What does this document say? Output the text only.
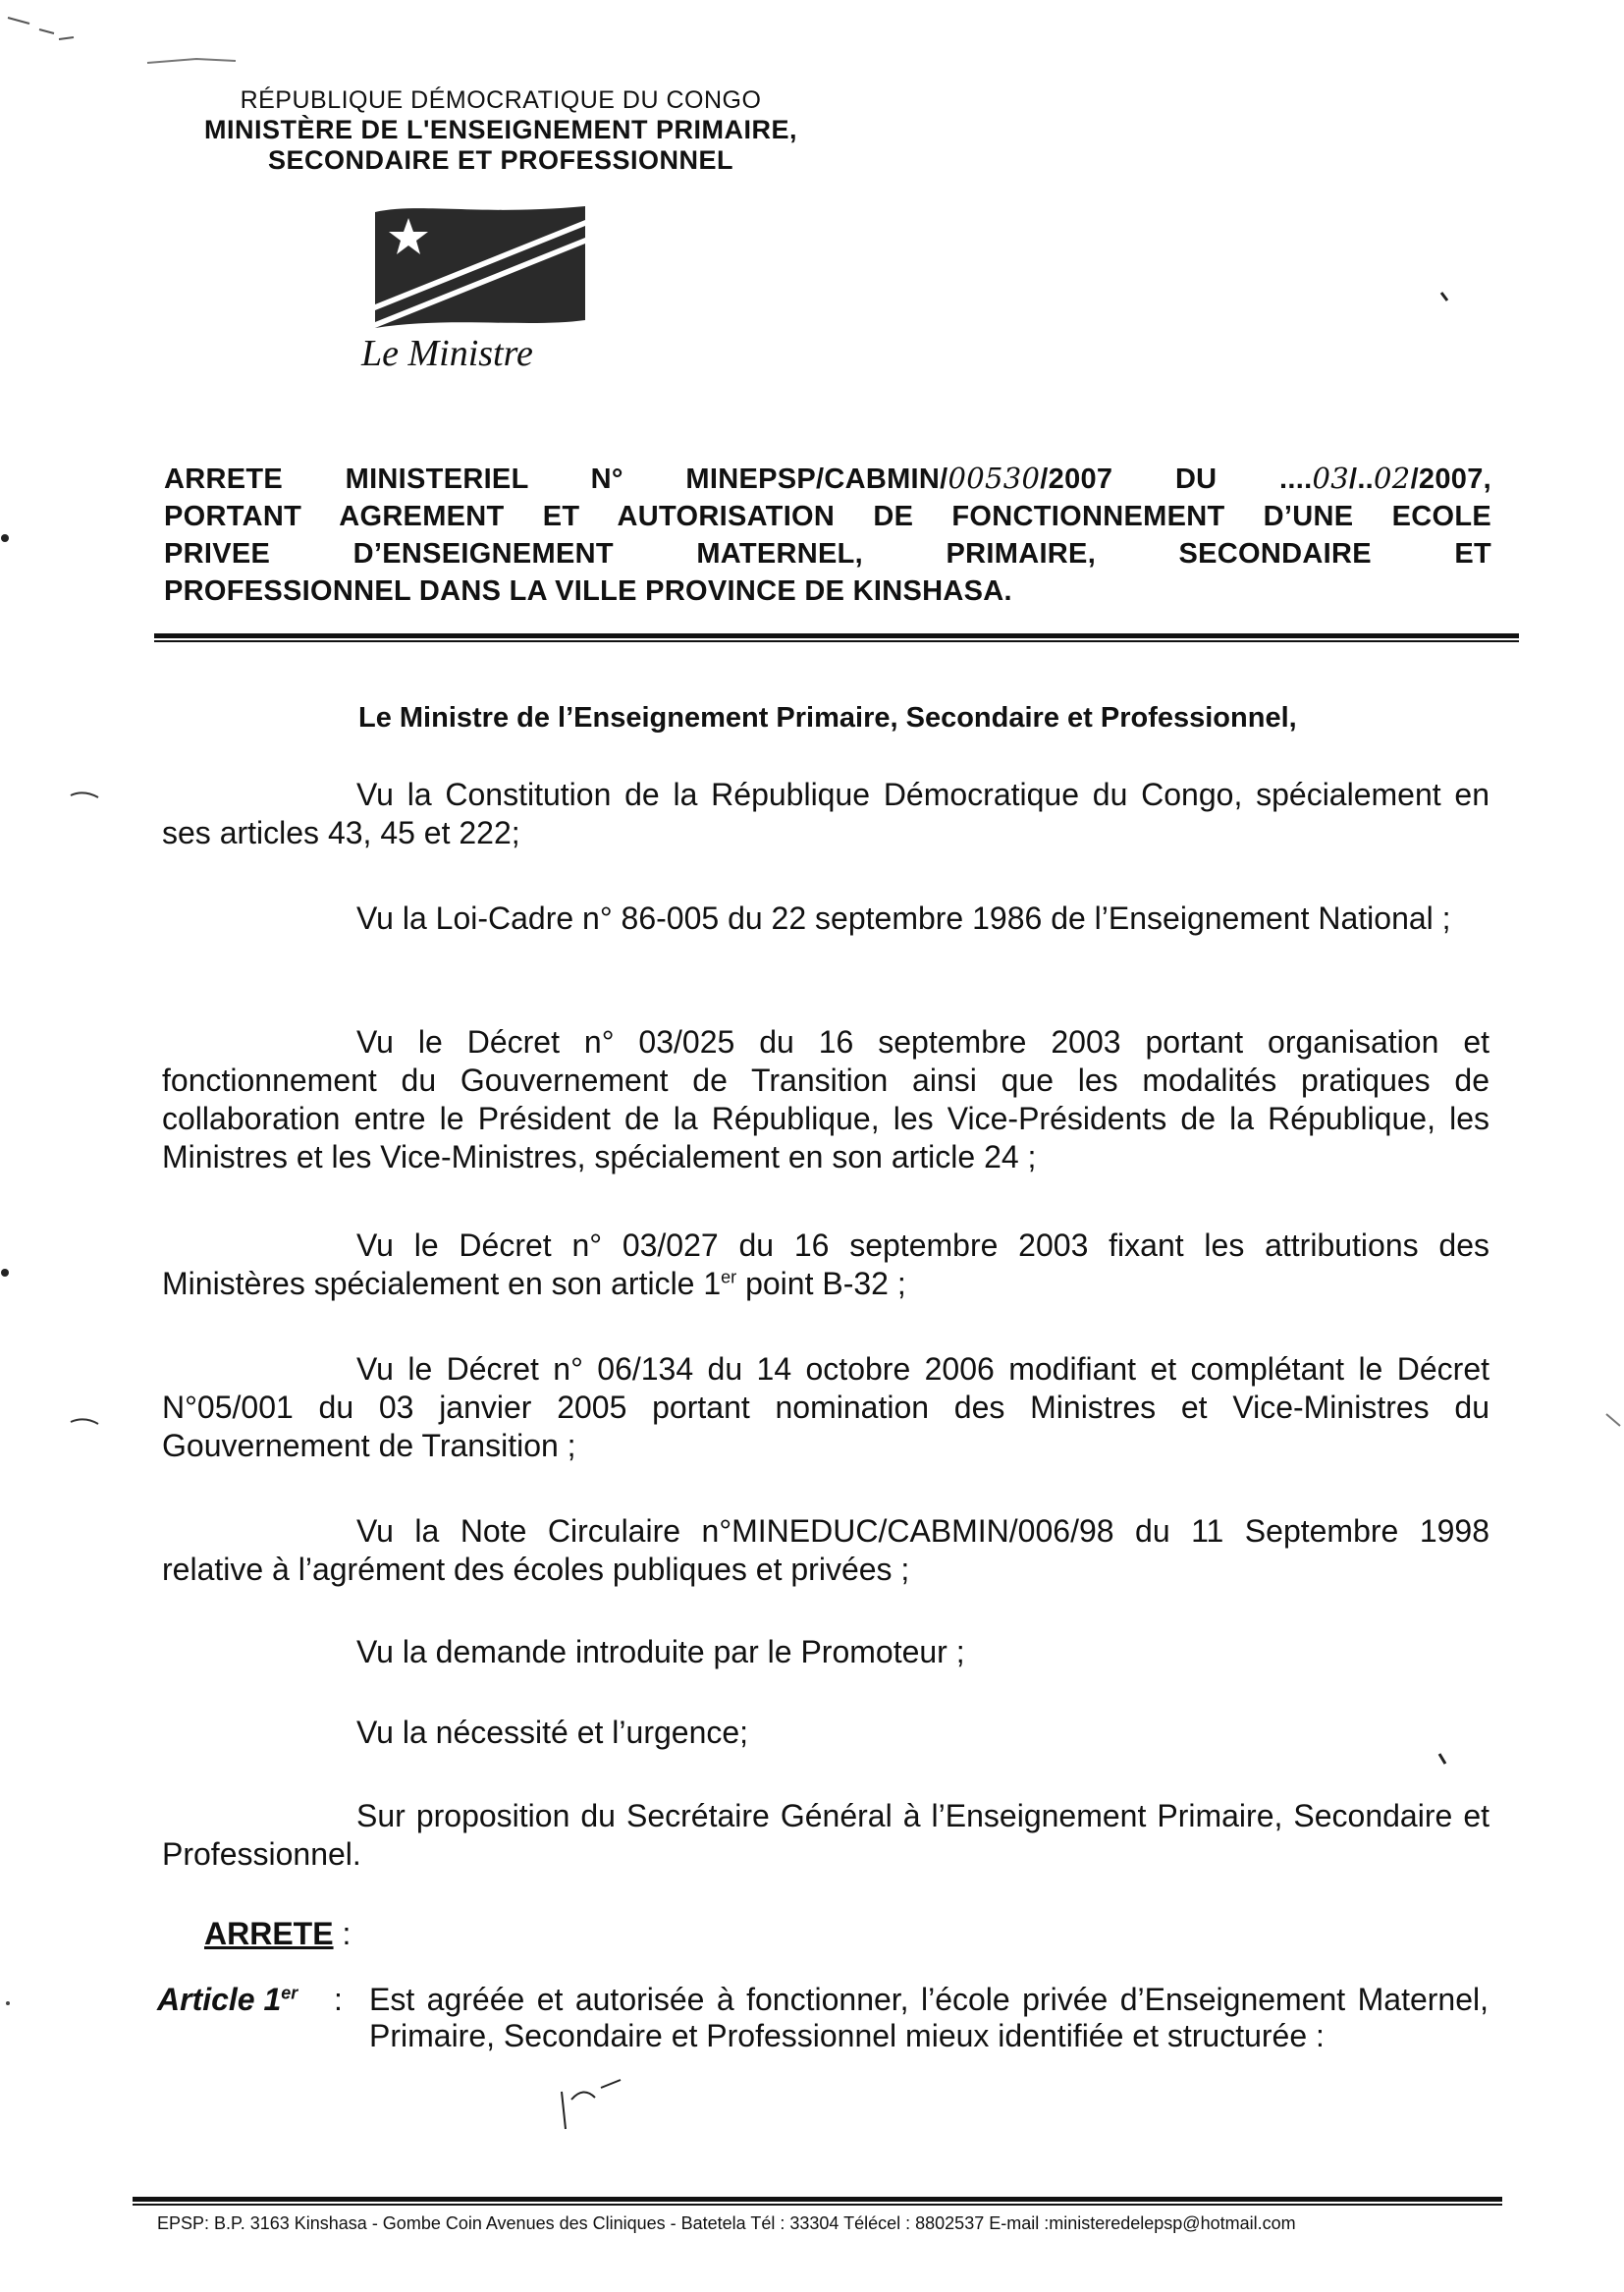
RÉPUBLIQUE DÉMOCRATIQUE DU CONGO
MINISTÈRE DE L'ENSEIGNEMENT PRIMAIRE,
SECONDAIRE ET PROFESSIONNEL
Le Ministre
ARRETE MINISTERIEL N° MINEPSP/CABMIN/00530/2007 DU ....03/..02/2007,
PORTANT AGREMENT ET AUTORISATION DE FONCTIONNEMENT D’UNE ECOLE
PRIVEE D’ENSEIGNEMENT MATERNEL, PRIMAIRE, SECONDAIRE ET
PROFESSIONNEL DANS LA VILLE PROVINCE DE KINSHASA.

Le Ministre de l’Enseignement Primaire, Secondaire et Professionnel,

Vu la Constitution de la République Démocratique du Congo, spécialement en ses articles 43, 45 et 222;

Vu la Loi-Cadre n° 86-005 du 22 septembre 1986 de l’Enseignement National ;

Vu le Décret n° 03/025 du 16 septembre 2003 portant organisation et fonctionnement du Gouvernement de Transition ainsi que les modalités pratiques de collaboration entre le Président de la République, les Vice-Présidents de la République, les Ministres et les Vice-Ministres, spécialement en son article 24 ;

Vu le Décret n° 03/027 du 16 septembre 2003 fixant les attributions des Ministères spécialement en son article 1er point B-32 ;

Vu le Décret n° 06/134 du 14 octobre 2006 modifiant et complétant le Décret N°05/001 du 03 janvier 2005 portant nomination des Ministres et Vice-Ministres du Gouvernement de Transition ;

Vu la Note Circulaire n°MINEDUC/CABMIN/006/98 du 11 Septembre 1998 relative à l’agrément des écoles publiques et privées ;

Vu la demande introduite par le Promoteur ;

Vu la nécessité et l’urgence;

Sur proposition du Secrétaire Général à l’Enseignement Primaire, Secondaire et Professionnel.

ARRETE :

Article 1er : Est agréée et autorisée à fonctionner, l’école privée d’Enseignement Maternel, Primaire, Secondaire et Professionnel mieux identifiée et structurée :
EPSP: B.P. 3163 Kinshasa - Gombe Coin Avenues des Cliniques - Batetela Tél : 33304 Télécel : 8802537 E-mail :ministeredelepsp@hotmail.com
